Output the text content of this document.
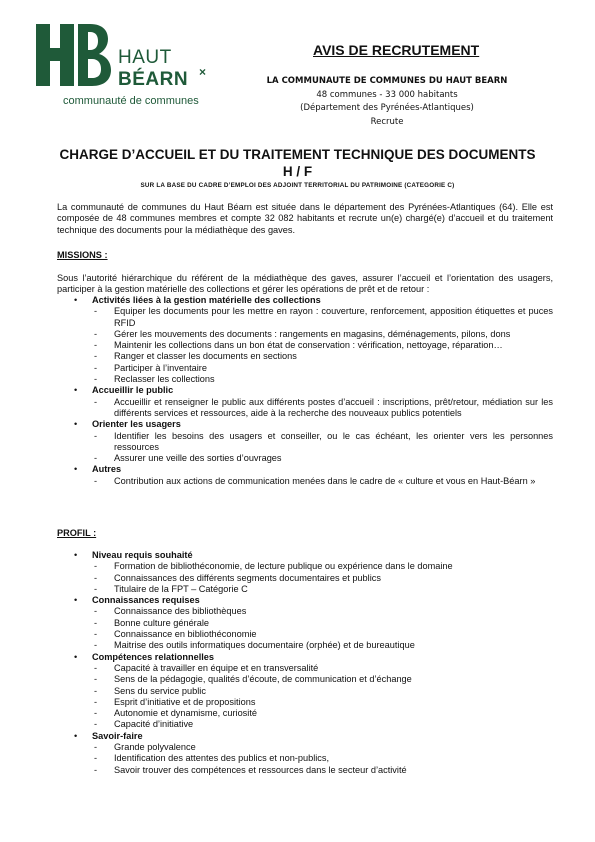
HAUT
BÉARN ×
communauté de communes
AVIS DE RECRUTEMENT
LA COMMUNAUTE DE COMMUNES DU HAUT BEARN
48 communes - 33 000 habitants
(Département des Pyrénées-Atlantiques)
Recrute
CHARGE D’ACCUEIL ET DU TRAITEMENT TECHNIQUE DES DOCUMENTS
H / F
SUR LA BASE DU CADRE D’EMPLOI DES ADJOINT TERRITORIAL DU PATRIMOINE (CATEGORIE C)
La communauté de communes du Haut Béarn est située dans le département des Pyrénées-Atlantiques (64). Elle est composée de 48 communes membres et compte 32 082 habitants et recrute un(e) chargé(e) d’accueil et du traitement technique des documents pour la médiathèque des gaves.
MISSIONS :
Sous l’autorité hiérarchique du référent de la médiathèque des gaves, assurer l’accueil et l’orientation des usagers, participer à la gestion matérielle des collections et gérer les opérations de prêt et de retour :
• Activités liées à la gestion matérielle des collections
- Equiper les documents pour les mettre en rayon : couverture, renforcement, apposition étiquettes et puces RFID
- Gérer les mouvements des documents : rangements en magasins, déménagements, pilons, dons
- Maintenir les collections dans un bon état de conservation : vérification, nettoyage, réparation…
- Ranger et classer les documents en sections
- Participer à l’inventaire
- Reclasser les collections
• Accueillir le public
- Accueillir et renseigner le public aux différents postes d’accueil : inscriptions, prêt/retour, médiation sur les différents services et ressources, aide à la recherche des nouveaux publics potentiels
• Orienter les usagers
- Identifier les besoins des usagers et conseiller, ou le cas échéant, les orienter vers les personnes ressources
- Assurer une veille des sorties d’ouvrages
• Autres
- Contribution aux actions de communication menées dans le cadre de « culture et vous en Haut-Béarn »
PROFIL :
• Niveau requis souhaité
- Formation de bibliothéconomie, de lecture publique ou expérience dans le domaine
- Connaissances des différents segments documentaires et publics
- Titulaire de la FPT – Catégorie C
• Connaissances requises
- Connaissance des bibliothèques
- Bonne culture générale
- Connaissance en bibliothéconomie
- Maitrise des outils informatiques documentaire (orphée) et de bureautique
• Compétences relationnelles
- Capacité à travailler en équipe et en transversalité
- Sens de la pédagogie, qualités d’écoute, de communication et d’échange
- Sens du service public
- Esprit d’initiative et de propositions
- Autonomie et dynamisme, curiosité
- Capacité d’initiative
• Savoir-faire
- Grande polyvalence
- Identification des attentes des publics et non-publics,
- Savoir trouver des compétences et ressources dans le secteur d’activité
